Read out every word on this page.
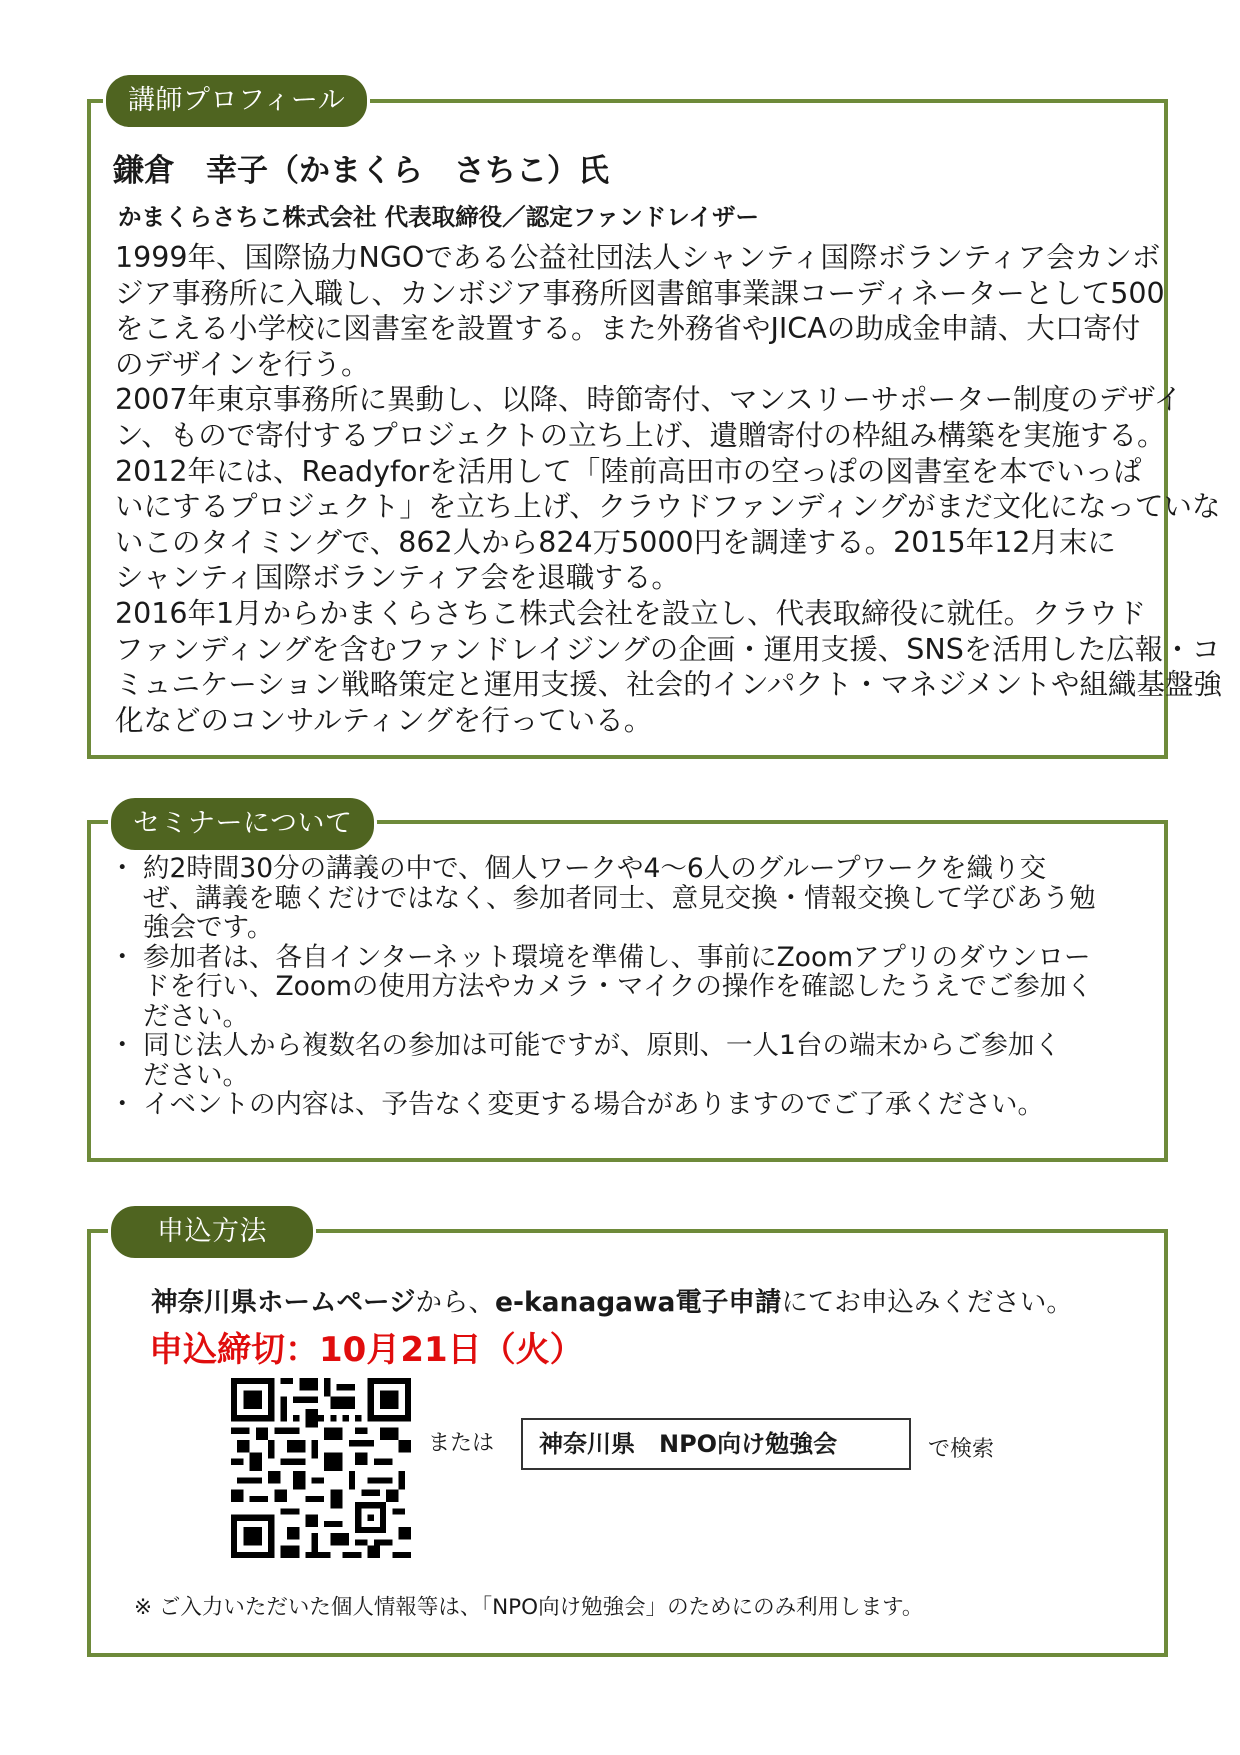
講師プロフィール

鎌倉　幸子（かまくら　さちこ）氏

かまくらさちこ株式会社 代表取締役／認定ファンドレイザー

1999年、国際協力NGOである公益社団法人シャンティ国際ボランティア会カンボ
ジア事務所に入職し、カンボジア事務所図書館事業課コーディネーターとして500
をこえる小学校に図書室を設置する。また外務省やJICAの助成金申請、大口寄付
のデザインを行う。
2007年東京事務所に異動し、以降、時節寄付、マンスリーサポーター制度のデザイ
ン、もので寄付するプロジェクトの立ち上げ、遺贈寄付の枠組み構築を実施する。
2012年には、Readyforを活用して「陸前高田市の空っぽの図書室を本でいっぱ
いにするプロジェクト」を立ち上げ、クラウドファンディングがまだ文化になっていな
いこのタイミングで、862人から824万5000円を調達する。2015年12月末に
シャンティ国際ボランティア会を退職する。
2016年1月からかまくらさちこ株式会社を設立し、代表取締役に就任。クラウド
ファンディングを含むファンドレイジングの企画・運用支援、SNSを活用した広報・コ
ミュニケーション戦略策定と運用支援、社会的インパクト・マネジメントや組織基盤強
化などのコンサルティングを行っている。
セミナーについて
・ 約2時間30分の講義の中で、個人ワークや4～6人のグループワークを織り交
ぜ、講義を聴くだけではなく、参加者同士、意見交換・情報交換して学びあう勉
強会です。
・ 参加者は、各自インターネット環境を準備し、事前にZoomアプリのダウンロー
ドを行い、Zoomの使用方法やカメラ・マイクの操作を確認したうえでご参加く
ださい。
・ 同じ法人から複数名の参加は可能ですが、原則、一人1台の端末からご参加く
ださい。
・ イベントの内容は、予告なく変更する場合がありますのでご了承ください。
申込方法

神奈川県ホームページから、e-kanagawa電子申請にてお申込みください。

申込締切：10月21日（火）

または	神奈川県　NPO向け勉強会	で検索

※ ご入力いただいた個人情報等は、「NPO向け勉強会」のためにのみ利用します。
